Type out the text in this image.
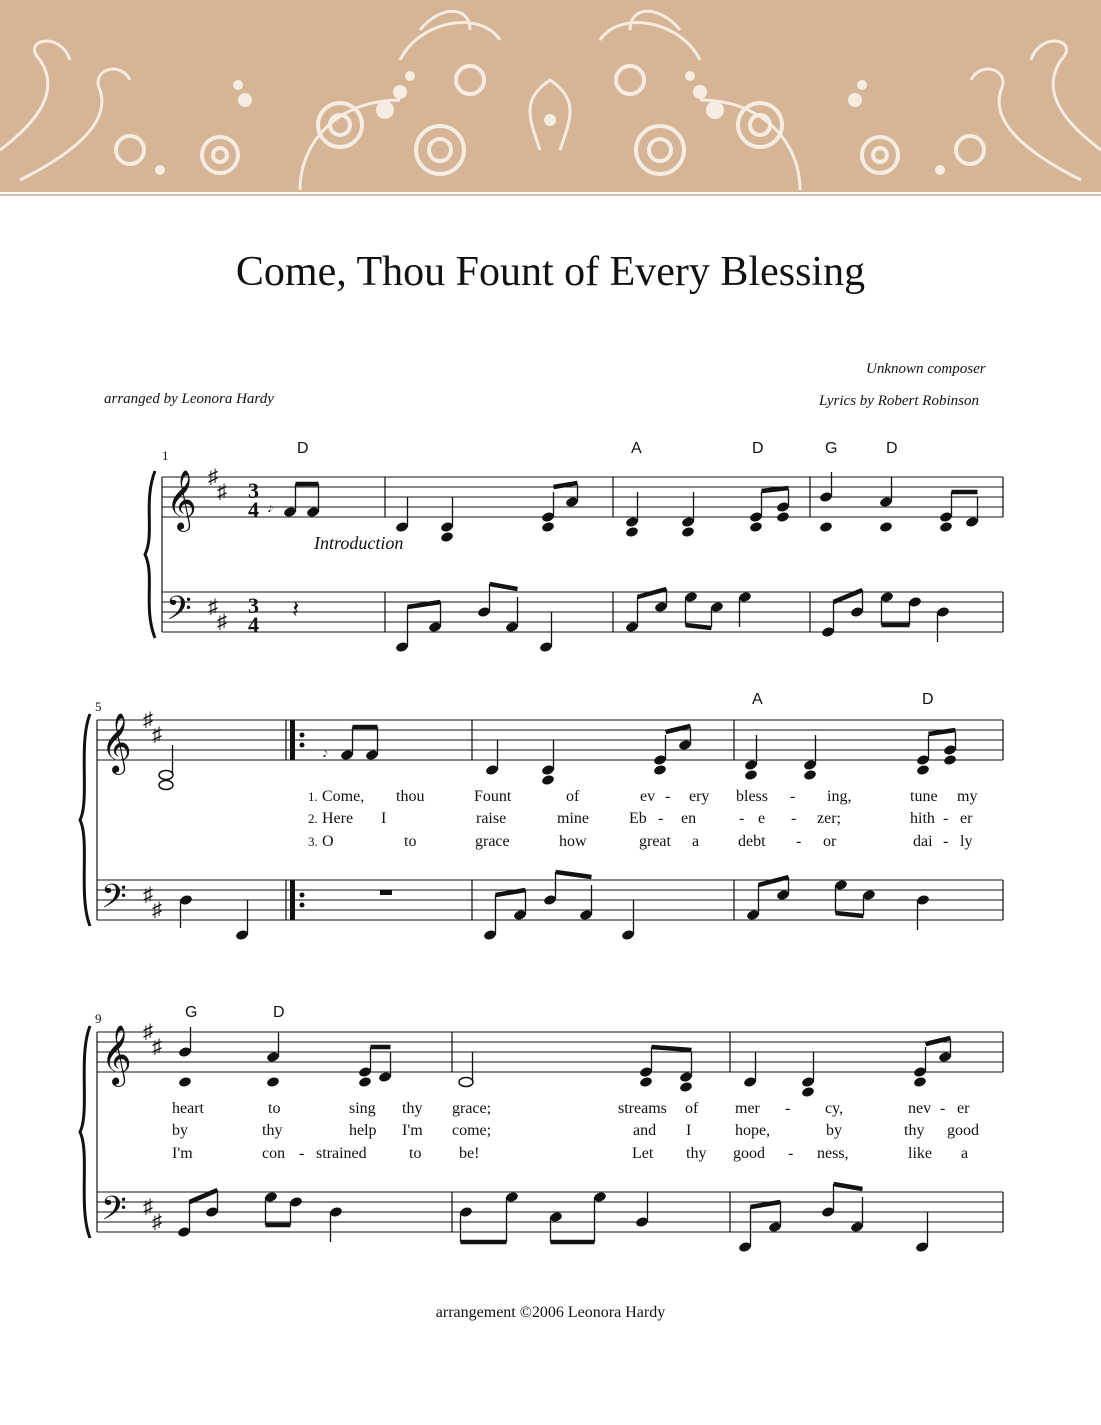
Come, Thou Fount of Every Blessing
Unknown composer
arranged by Leonora Hardy	Lyrics by Robert Robinson
𝄞
𝄢
♯
♯
♯
♯
1	D	A	D	G	D
𝄞
𝄢
♯
♯
♯
♯
5	A	D
𝄞
𝄢
♯
♯
♯
♯
9	G	D
3
4
3
4
Introduction
𝄽
𝆕
𝆕
1. Come, thou	Fount	of	ev - ery bless - ing,	tune my
2. Here I	raise	mine	Eb - en	- e - zer;	hith - er
3. O	to	grace	how	great a debt - or	dai - ly
heart	to	sing thy grace;	streams of mer - cy,	nev - er
by	thy	help I'm come;	and I	hope,	by	thy good
I'm	con - strained	to be!	Let thy good - ness,	like a
arrangement ©2006 Leonora Hardy
